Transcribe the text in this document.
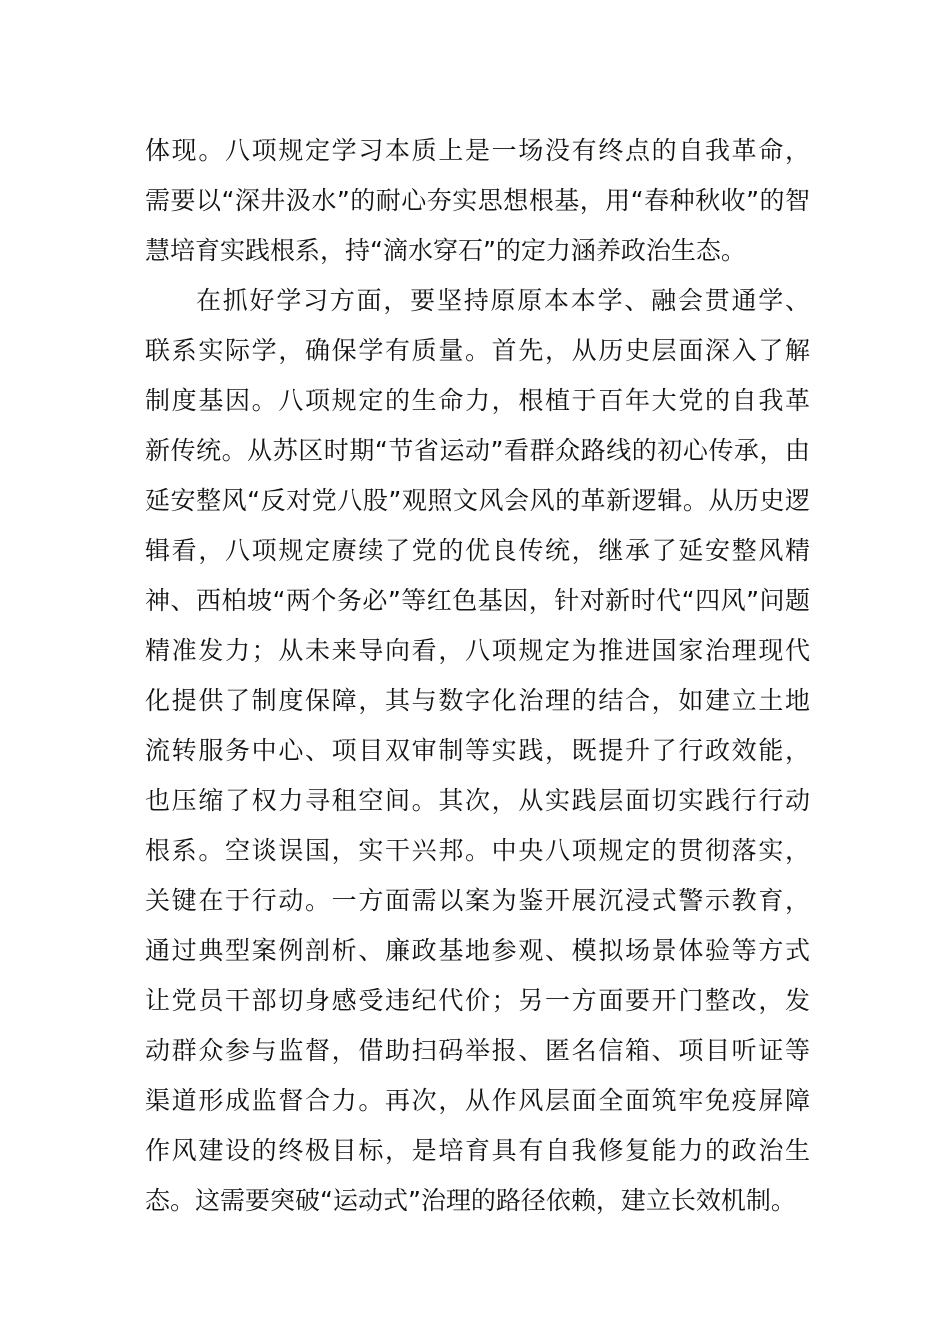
体现。八项规定学习本质上是一场没有终点的自我革命，
需要以“深井汲水”的耐心夯实思想根基，用“春种秋收”的智
慧培育实践根系，持“滴水穿石”的定力涵养政治生态。
在抓好学习方面，要坚持原原本本学、融会贯通学、
联系实际学，确保学有质量。首先，从历史层面深入了解
制度基因。八项规定的生命力，根植于百年大党的自我革
新传统。从苏区时期“节省运动”看群众路线的初心传承，由
延安整风“反对党八股”观照文风会风的革新逻辑。从历史逻
辑看，八项规定赓续了党的优良传统，继承了延安整风精
神、西柏坡“两个务必”等红色基因，针对新时代“四风”问题
精准发力；从未来导向看，八项规定为推进国家治理现代
化提供了制度保障，其与数字化治理的结合，如建立土地
流转服务中心、项目双审制等实践，既提升了行政效能，
也压缩了权力寻租空间。其次，从实践层面切实践行行动
根系。空谈误国，实干兴邦。中央八项规定的贯彻落实，
关键在于行动。一方面需以案为鉴开展沉浸式警示教育，
通过典型案例剖析、廉政基地参观、模拟场景体验等方式
让党员干部切身感受违纪代价；另一方面要开门整改，发
动群众参与监督，借助扫码举报、匿名信箱、项目听证等
渠道形成监督合力。再次，从作风层面全面筑牢免疫屏障
作风建设的终极目标，是培育具有自我修复能力的政治生
态。这需要突破“运动式”治理的路径依赖，建立长效机制。
